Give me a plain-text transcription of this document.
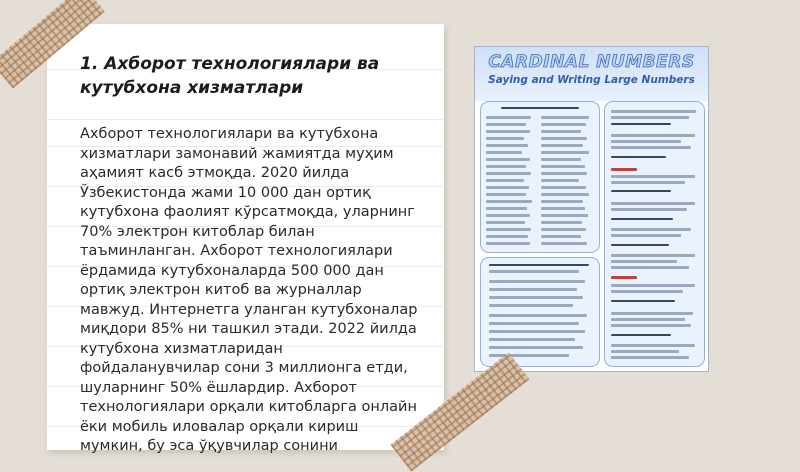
1. Ахборот технологиялари ва кутубхона хизматлари

Ахборот технологиялари ва кутубхона хизматлари замонавий жамиятда муҳим аҳамият касб этмоқда. 2020 йилда Ўзбекистонда жами 10 000 дан ортиқ кутубхона фаолият кўрсатмоқда, уларнинг 70% электрон китоблар билан таъминланган. Ахборот технологиялари ёрдамида кутубхоналарда 500 000 дан ортиқ электрон китоб ва журналлар мавжуд. Интернетга уланган кутубхоналар миқдори 85% ни ташкил этади. 2022 йилда кутубхона хизматларидан фойдаланувчилар сони 3 миллионга етди, шуларнинг 50% ёшлардир. Ахборот технологиялари орқали китобларга онлайн ёки мобиль иловалар орқали кириш мумкин, бу эса ўқувчилар сонини

CARDINAL NUMBERS
Saying and Writing Large Numbers
